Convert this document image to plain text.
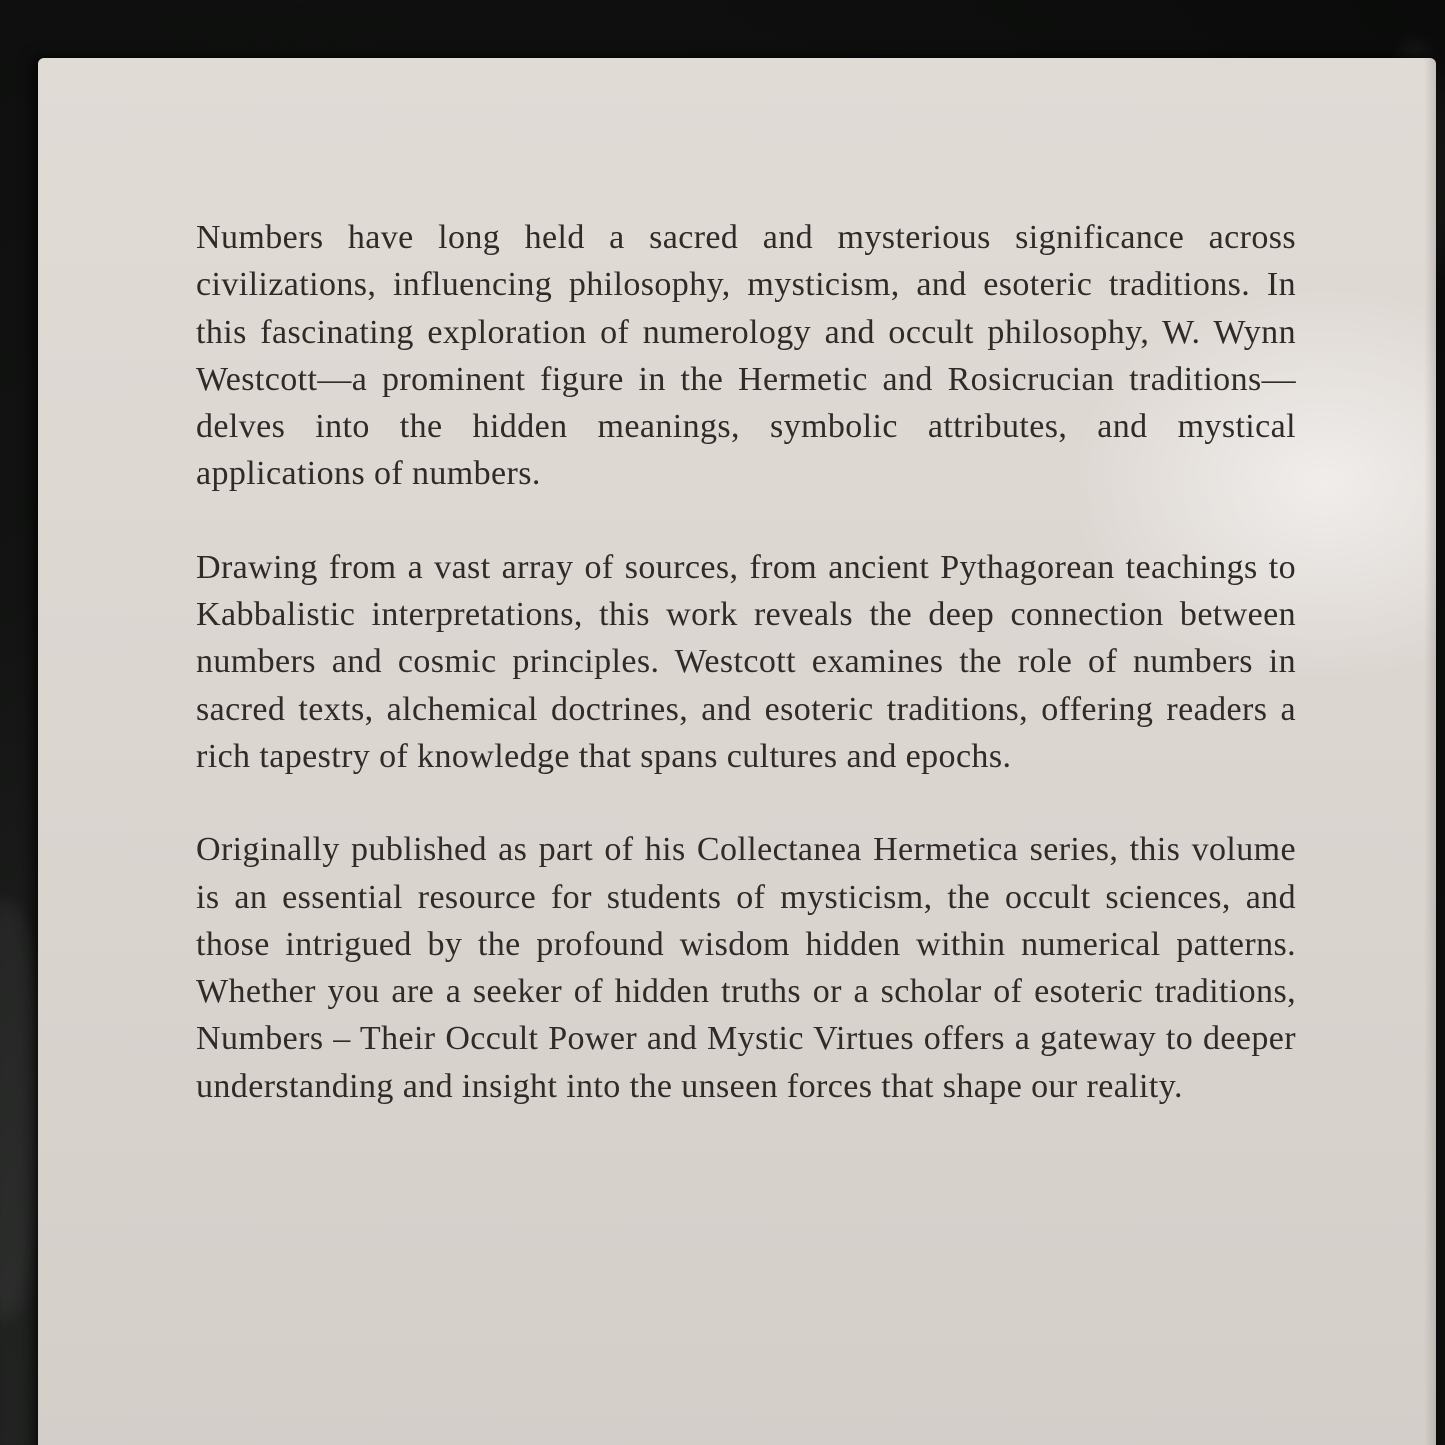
Numbers have long held a sacred and mysterious significance across civilizations, influencing philosophy, mysticism, and esoteric traditions. In this fascinating exploration of numerology and occult philosophy, W. Wynn Westcott—a prominent figure in the Hermetic and Rosicrucian traditions—delves into the hidden meanings, symbolic attributes, and mystical applications of numbers.

Drawing from a vast array of sources, from ancient Pythagorean teachings to Kabbalistic interpretations, this work reveals the deep connection between numbers and cosmic principles. Westcott examines the role of numbers in sacred texts, alchemical doctrines, and esoteric traditions, offering readers a rich tapestry of knowledge that spans cultures and epochs.

Originally published as part of his Collectanea Hermetica series, this volume is an essential resource for students of mysticism, the occult sciences, and those intrigued by the profound wisdom hidden within numerical patterns. Whether you are a seeker of hidden truths or a scholar of esoteric traditions, Numbers – Their Occult Power and Mystic Virtues offers a gateway to deeper understanding and insight into the unseen forces that shape our reality.
